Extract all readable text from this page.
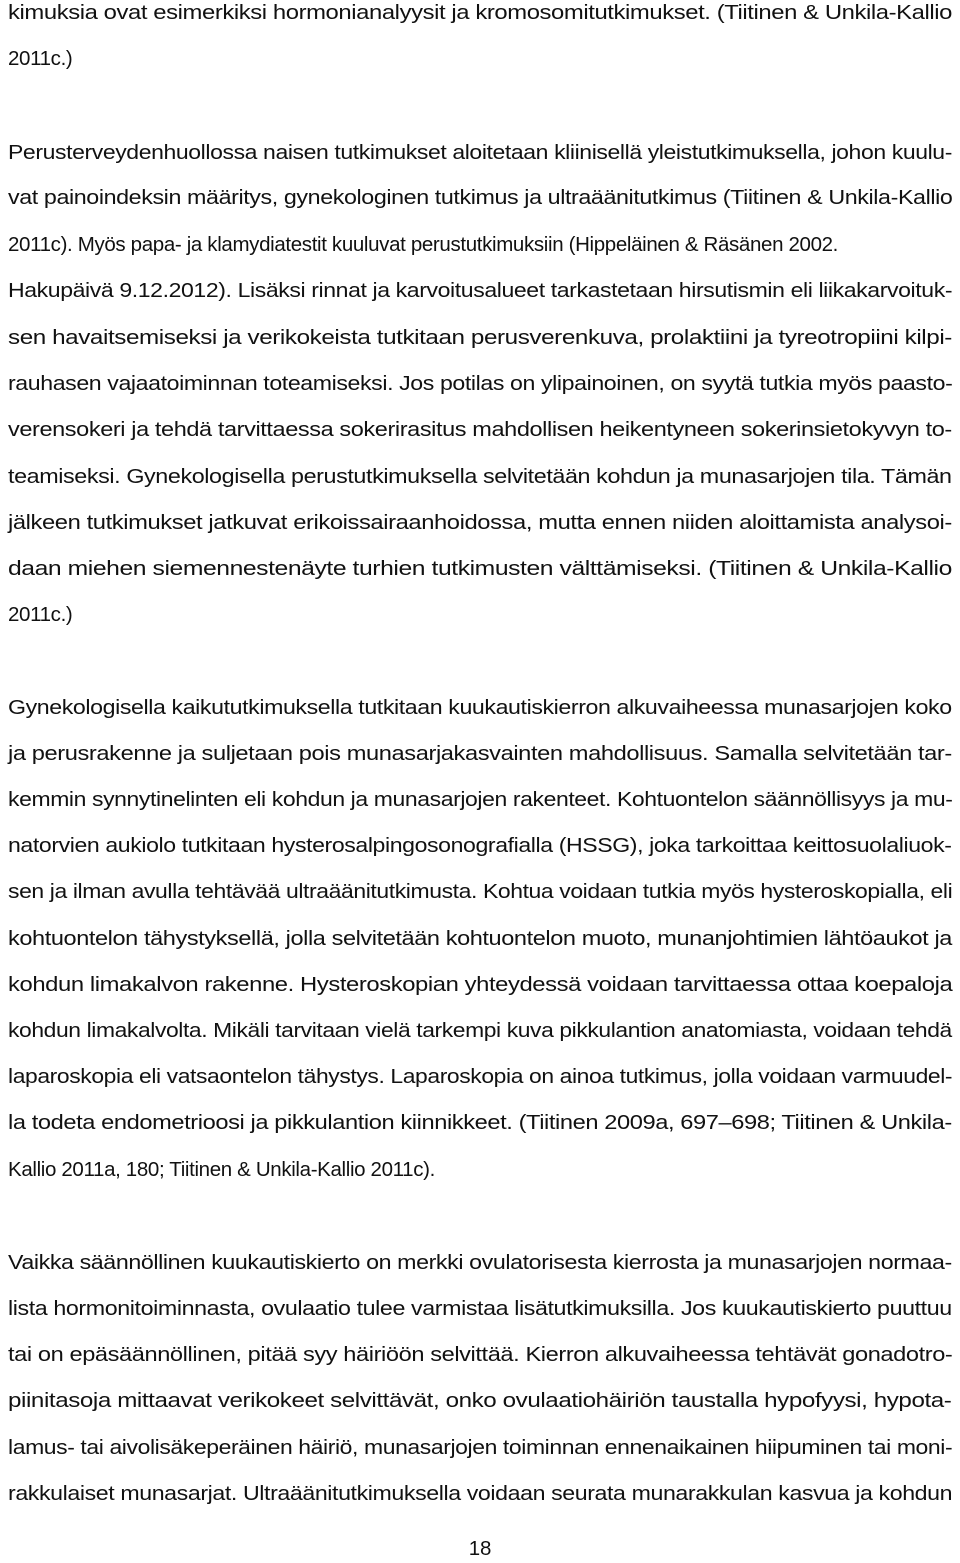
kimuksia ovat esimerkiksi hormonianalyysit ja kromosomitutkimukset. (Tiitinen & Unkila-Kallio
2011c.)
Perusterveydenhuollossa naisen tutkimukset aloitetaan kliinisellä yleistutkimuksella, johon kuulu-
vat painoindeksin määritys, gynekologinen tutkimus ja ultraäänitutkimus (Tiitinen & Unkila-Kallio
2011c). Myös papa- ja klamydiatestit kuuluvat perustutkimuksiin (Hippeläinen & Räsänen 2002.
Hakupäivä 9.12.2012). Lisäksi rinnat ja karvoitusalueet tarkastetaan hirsutismin eli liikakarvoituk-
sen havaitsemiseksi ja verikokeista tutkitaan perusverenkuva, prolaktiini ja tyreotropiini kilpi-
rauhasen vajaatoiminnan toteamiseksi. Jos potilas on ylipainoinen, on syytä tutkia myös paasto-
verensokeri ja tehdä tarvittaessa sokerirasitus mahdollisen heikentyneen sokerinsietokyvyn to-
teamiseksi. Gynekologisella perustutkimuksella selvitetään kohdun ja munasarjojen tila. Tämän
jälkeen tutkimukset jatkuvat erikoissairaanhoidossa, mutta ennen niiden aloittamista analysoi-
daan miehen siemennestenäyte turhien tutkimusten välttämiseksi. (Tiitinen & Unkila-Kallio
2011c.)
Gynekologisella kaikututkimuksella tutkitaan kuukautiskierron alkuvaiheessa munasarjojen koko
ja perusrakenne ja suljetaan pois munasarjakasvainten mahdollisuus. Samalla selvitetään tar-
kemmin synnytinelinten eli kohdun ja munasarjojen rakenteet. Kohtuontelon säännöllisyys ja mu-
natorvien aukiolo tutkitaan hysterosalpingosonografialla (HSSG), joka tarkoittaa keittosuolaliuok-
sen ja ilman avulla tehtävää ultraäänitutkimusta. Kohtua voidaan tutkia myös hysteroskopialla, eli
kohtuontelon tähystyksellä, jolla selvitetään kohtuontelon muoto, munanjohtimien lähtöaukot ja
kohdun limakalvon rakenne. Hysteroskopian yhteydessä voidaan tarvittaessa ottaa koepaloja
kohdun limakalvolta. Mikäli tarvitaan vielä tarkempi kuva pikkulantion anatomiasta, voidaan tehdä
laparoskopia eli vatsaontelon tähystys. Laparoskopia on ainoa tutkimus, jolla voidaan varmuudel-
la todeta endometrioosi ja pikkulantion kiinnikkeet. (Tiitinen 2009a, 697–698; Tiitinen & Unkila-
Kallio 2011a, 180; Tiitinen & Unkila-Kallio 2011c).
Vaikka säännöllinen kuukautiskierto on merkki ovulatorisesta kierrosta ja munasarjojen normaa-
lista hormonitoiminnasta, ovulaatio tulee varmistaa lisätutkimuksilla. Jos kuukautiskierto puuttuu
tai on epäsäännöllinen, pitää syy häiriöön selvittää. Kierron alkuvaiheessa tehtävät gonadotro-
piinitasoja mittaavat verikokeet selvittävät, onko ovulaatiohäiriön taustalla hypofyysi, hypota-
lamus- tai aivolisäkeperäinen häiriö, munasarjojen toiminnan ennenaikainen hiipuminen tai moni-
rakkulaiset munasarjat. Ultraäänitutkimuksella voidaan seurata munarakkulan kasvua ja kohdun
18
